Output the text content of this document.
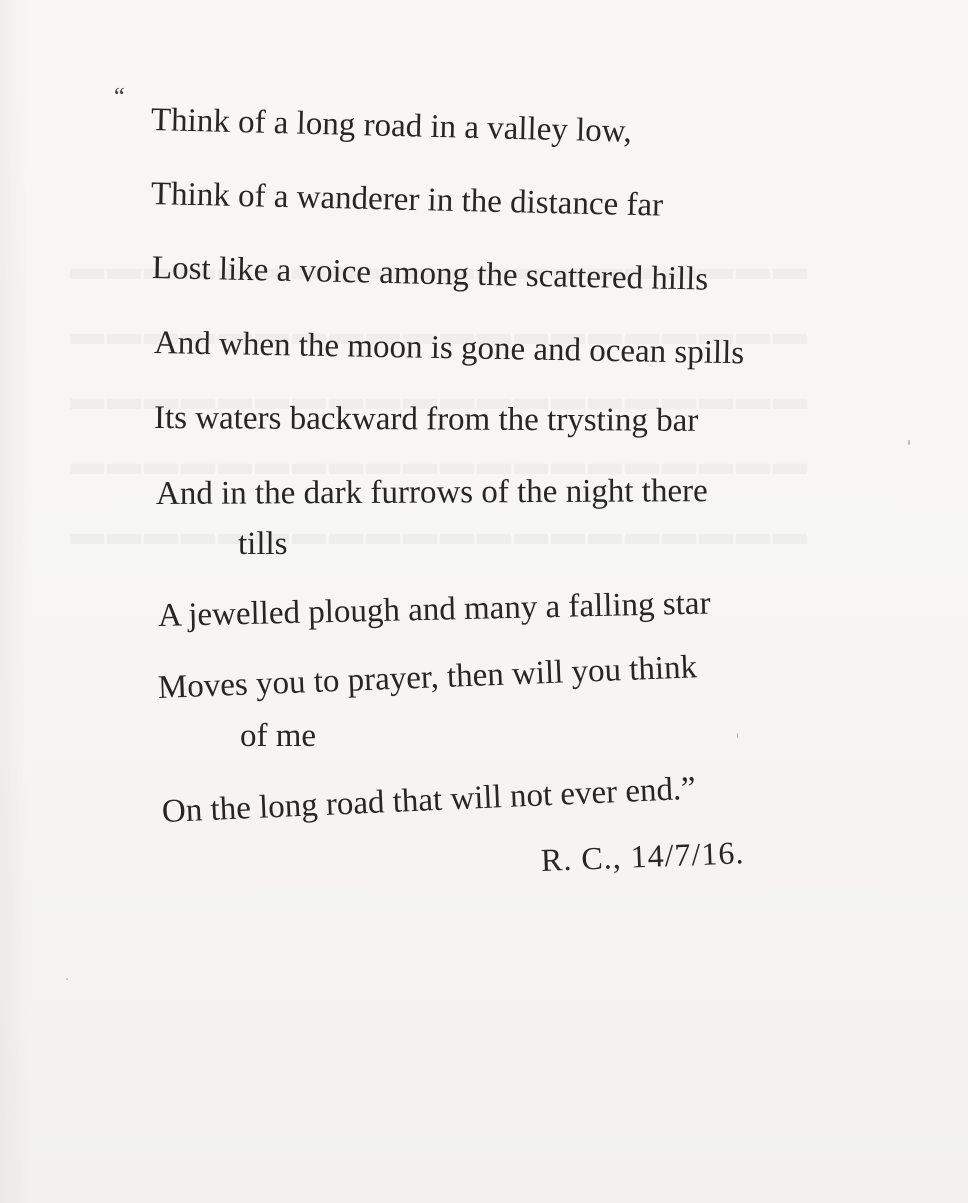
“
Think of a long road in a valley low,
Think of a wanderer in the distance far
Lost like a voice among the scattered hills
And when the moon is gone and ocean spills
Its waters backward from the trysting bar
And in the dark furrows of the night there
tills
A jewelled plough and many a falling star
Moves you to prayer, then will you think
of me
On the long road that will not ever end.”
R. C., 14/7/16.
